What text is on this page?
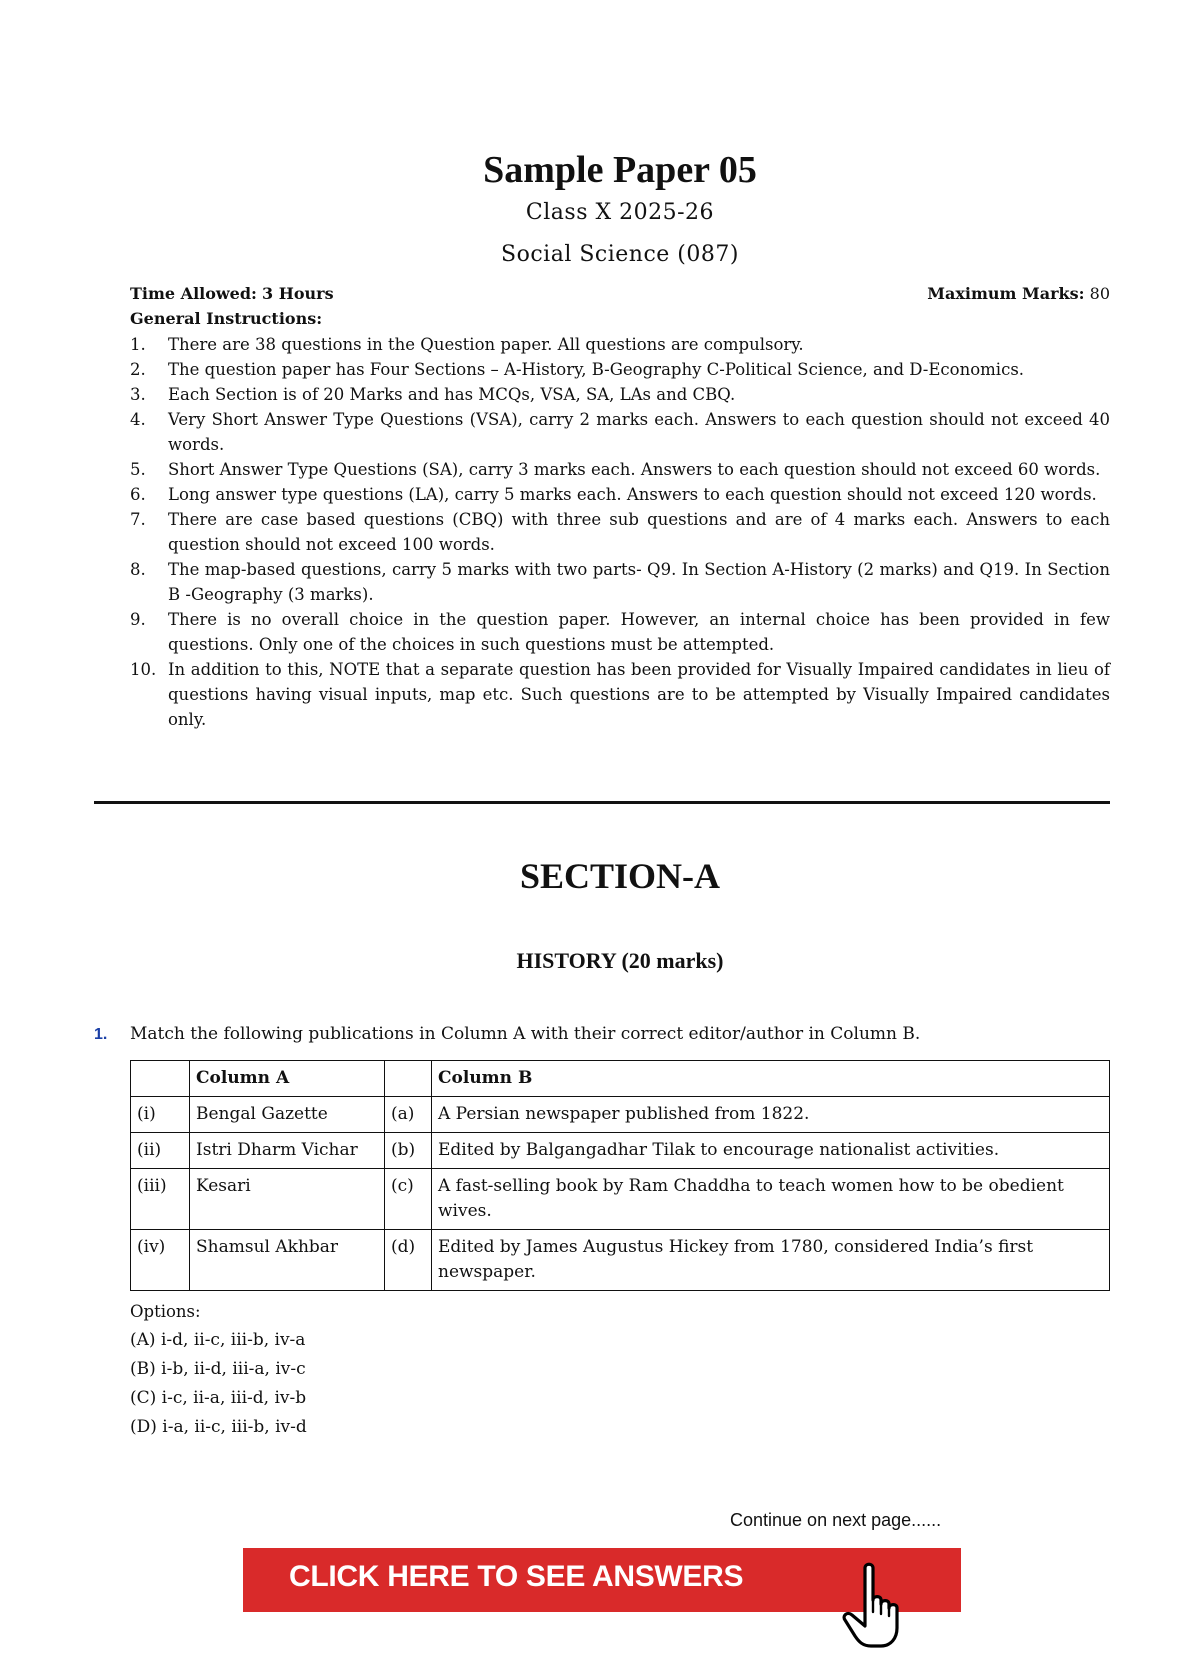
Sample Paper 05
Class X 2025-26
Social Science (087)
Time Allowed: 3 Hours	Maximum Marks: 80
General Instructions:
1.	There are 38 questions in the Question paper. All questions are compulsory.
2.	The question paper has Four Sections – A-History, B-Geography C-Political Science, and D-Economics.
3.	Each Section is of 20 Marks and has MCQs, VSA, SA, LAs and CBQ.
4.	Very Short Answer Type Questions (VSA), carry 2 marks each. Answers to each question should not exceed 40 words.
5.	Short Answer Type Questions (SA), carry 3 marks each. Answers to each question should not exceed 60 words.
6.	Long answer type questions (LA), carry 5 marks each. Answers to each question should not exceed 120 words.
7.	There are case based questions (CBQ) with three sub questions and are of 4 marks each. Answers to each question should not exceed 100 words.
8.	The map-based questions, carry 5 marks with two parts- Q9. In Section A-History (2 marks) and Q19. In Section B -Geography (3 marks).
9.	There is no overall choice in the question paper. However, an internal choice has been provided in few questions. Only one of the choices in such questions must be attempted.
10. In addition to this, NOTE that a separate question has been provided for Visually Impaired candidates in lieu of questions having visual inputs, map etc. Such questions are to be attempted by Visually Impaired candidates only.
SECTION-A
HISTORY (20 marks)
1.	Match the following publications in Column A with their correct editor/author in Column B.
	Column A		Column B
(i)	Bengal Gazette	(a)	A Persian newspaper published from 1822.
(ii)	Istri Dharm Vichar	(b)	Edited by Balgangadhar Tilak to encourage nationalist activities.
(iii)	Kesari	(c)	A fast-selling book by Ram Chaddha to teach women how to be obedient wives.
(iv)	Shamsul Akhbar	(d)	Edited by James Augustus Hickey from 1780, considered India’s first newspaper.
Options:
(A) i-d, ii-c, iii-b, iv-a
(B) i-b, ii-d, iii-a, iv-c
(C) i-c, ii-a, iii-d, iv-b
(D) i-a, ii-c, iii-b, iv-d
Continue on next page......
CLICK HERE TO SEE ANSWERS
